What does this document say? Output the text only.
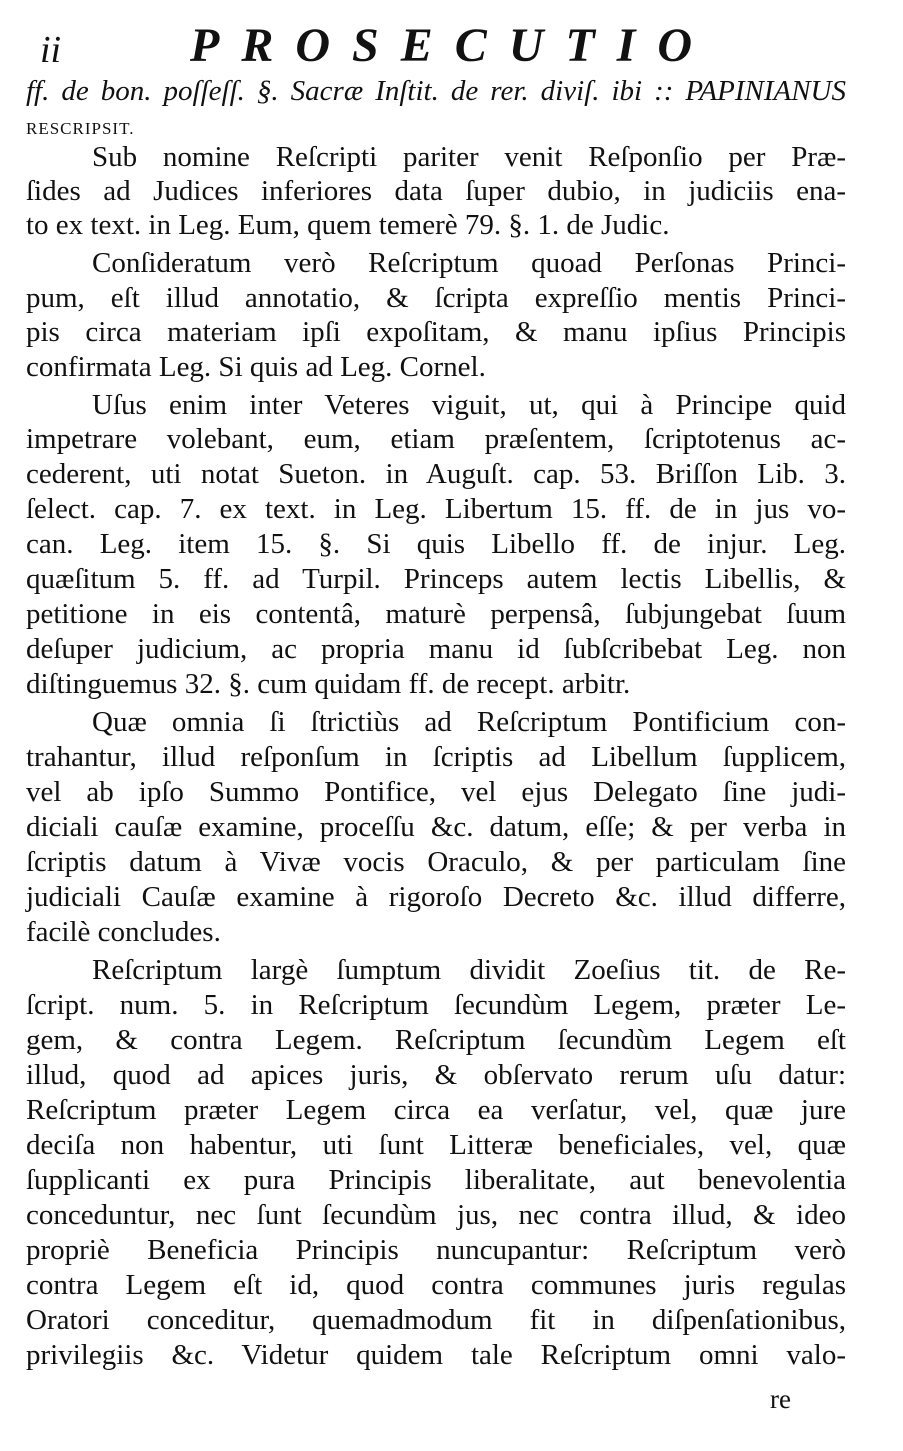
ii	PROSECUTIO
ff. de bon. poſſeſſ. §. Sacræ Inſtit. de rer. diviſ. ibi :: PAPINIANUS
RESCRIPSIT.
Sub nomine Reſcripti pariter venit Reſponſio per Præ-
ſides ad Judices inferiores data ſuper dubio, in judiciis ena-
to ex text. in Leg. Eum, quem temerè 79. §. 1. de Judic.
Conſideratum verò Reſcriptum quoad Perſonas Princi-
pum, eſt illud annotatio, & ſcripta expreſſio mentis Princi-
pis circa materiam ipſi expoſitam, & manu ipſius Principis
confirmata Leg. Si quis ad Leg. Cornel.
Uſus enim inter Veteres viguit, ut, qui à Principe quid
impetrare volebant, eum, etiam præſentem, ſcriptotenus ac-
cederent, uti notat Sueton. in Auguſt. cap. 53. Briſſon Lib. 3.
ſelect. cap. 7. ex text. in Leg. Libertum 15. ff. de in jus vo-
can. Leg. item 15. §. Si quis Libello ff. de injur. Leg.
quæſitum 5. ff. ad Turpil. Princeps autem lectis Libellis, &
petitione in eis contentâ, maturè perpensâ, ſubjungebat ſuum
deſuper judicium, ac propria manu id ſubſcribebat Leg. non
diſtinguemus 32. §. cum quidam ff. de recept. arbitr.
Quæ omnia ſi ſtrictiùs ad Reſcriptum Pontificium con-
trahantur, illud reſponſum in ſcriptis ad Libellum ſupplicem,
vel ab ipſo Summo Pontifice, vel ejus Delegato ſine judi-
diciali cauſæ examine, proceſſu &c. datum, eſſe; & per verba in
ſcriptis datum à Vivæ vocis Oraculo, & per particulam ſine
judiciali Cauſæ examine à rigoroſo Decreto &c. illud differre,
facilè concludes.
Reſcriptum largè ſumptum dividit Zoeſius tit. de Re-
ſcript. num. 5. in Reſcriptum ſecundùm Legem, præter Le-
gem, & contra Legem. Reſcriptum ſecundùm Legem eſt
illud, quod ad apices juris, & obſervato rerum uſu datur:
Reſcriptum præter Legem circa ea verſatur, vel, quæ jure
deciſa non habentur, uti ſunt Litteræ beneficiales, vel, quæ
ſupplicanti ex pura Principis liberalitate, aut benevolentia
conceduntur, nec ſunt ſecundùm jus, nec contra illud, & ideo
propriè Beneficia Principis nuncupantur: Reſcriptum verò
contra Legem eſt id, quod contra communes juris regulas
Oratori conceditur, quemadmodum fit in diſpenſationibus,
privilegiis &c. Videtur quidem tale Reſcriptum omni valo-
re
